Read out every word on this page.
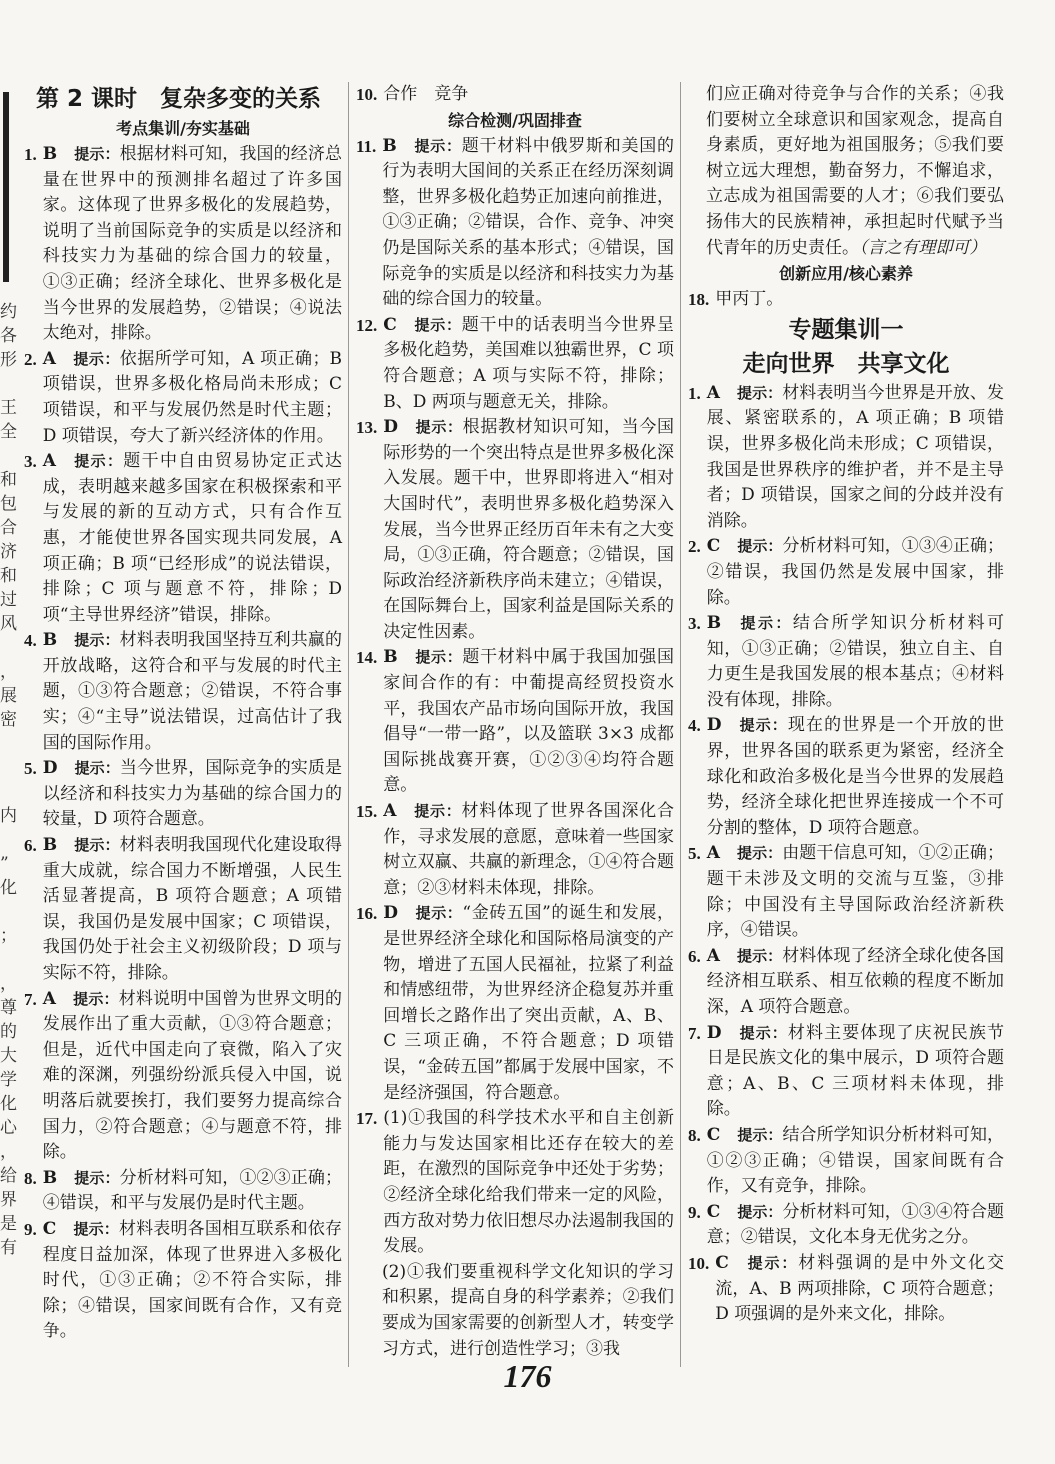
约
各
形

王
全

和
包
合
济
和
过
风

，
展
密

内

”
化

；

，
尊
的
大
学
化
心
，
给
界
是
有
第 2 课时　复杂多变的关系
考点集训/夯实基础
1. B  提示：根据材料可知，我国的经济总量在世界中的预测排名超过了许多国家。这体现了世界多极化的发展趋势，说明了当前国际竞争的实质是以经济和科技实力为基础的综合国力的较量，①③正确；经济全球化、世界多极化是当今世界的发展趋势，②错误；④说法太绝对，排除。
2. A  提示：依据所学可知，A 项正确；B 项错误，世界多极化格局尚未形成；C 项错误，和平与发展仍然是时代主题；D 项错误，夸大了新兴经济体的作用。
3. A  提示：题干中自由贸易协定正式达成，表明越来越多国家在积极探索和平与发展的新的互动方式，只有合作互惠，才能使世界各国实现共同发展，A 项正确；B 项“已经形成”的说法错误，排除；C 项与题意不符，排除；D 项“主导世界经济”错误，排除。
4. B  提示：材料表明我国坚持互利共赢的开放战略，这符合和平与发展的时代主题，①③符合题意；②错误，不符合事实；④“主导”说法错误，过高估计了我国的国际作用。
5. D  提示：当今世界，国际竞争的实质是以经济和科技实力为基础的综合国力的较量，D 项符合题意。
6. B  提示：材料表明我国现代化建设取得重大成就，综合国力不断增强，人民生活显著提高，B 项符合题意；A 项错误，我国仍是发展中国家；C 项错误，我国仍处于社会主义初级阶段；D 项与实际不符，排除。
7. A  提示：材料说明中国曾为世界文明的发展作出了重大贡献，①③符合题意；但是，近代中国走向了衰微，陷入了灾难的深渊，列强纷纷派兵侵入中国，说明落后就要挨打，我们要努力提高综合国力，②符合题意；④与题意不符，排除。
8. B  提示：分析材料可知，①②③正确；④错误，和平与发展仍是时代主题。
9. C  提示：材料表明各国相互联系和依存程度日益加深，体现了世界进入多极化时代，①③正确；②不符合实际，排除；④错误，国家间既有合作，又有竞争。
10. 合作　竞争
综合检测/巩固排查
11. B  提示：题干材料中俄罗斯和美国的行为表明大国间的关系正在经历深刻调整，世界多极化趋势正加速向前推进，①③正确；②错误，合作、竞争、冲突仍是国际关系的基本形式；④错误，国际竞争的实质是以经济和科技实力为基础的综合国力的较量。
12. C  提示：题干中的话表明当今世界呈多极化趋势，美国难以独霸世界，C 项符合题意；A 项与实际不符，排除；B、D 两项与题意无关，排除。
13. D  提示：根据教材知识可知，当今国际形势的一个突出特点是世界多极化深入发展。题干中，世界即将进入“相对大国时代”，表明世界多极化趋势深入发展，当今世界正经历百年未有之大变局，①③正确，符合题意；②错误，国际政治经济新秩序尚未建立；④错误，在国际舞台上，国家利益是国际关系的决定性因素。
14. B  提示：题干材料中属于我国加强国家间合作的有：中葡提高经贸投资水平，我国农产品市场向国际开放，我国倡导“一带一路”，以及篮联 3×3 成都国际挑战赛开赛，①②③④均符合题意。
15. A  提示：材料体现了世界各国深化合作，寻求发展的意愿，意味着一些国家树立双赢、共赢的新理念，①④符合题意；②③材料未体现，排除。
16. D  提示：“金砖五国”的诞生和发展，是世界经济全球化和国际格局演变的产物，增进了五国人民福祉，拉紧了利益和情感纽带，为世界经济企稳复苏并重回增长之路作出了突出贡献，A、B、C 三项正确，不符合题意；D 项错误，“金砖五国”都属于发展中国家，不是经济强国，符合题意。
17. (1)①我国的科学技术水平和自主创新能力与发达国家相比还存在较大的差距，在激烈的国际竞争中还处于劣势；②经济全球化给我们带来一定的风险，西方敌对势力依旧想尽办法遏制我国的发展。
(2)①我们要重视科学文化知识的学习和积累，提高自身的科学素养；②我们要成为国家需要的创新型人才，转变学习方式，进行创造性学习；③我
们应正确对待竞争与合作的关系；④我们要树立全球意识和国家观念，提高自身素质，更好地为祖国服务；⑤我们要树立远大理想，勤奋努力，不懈追求，立志成为祖国需要的人才；⑥我们要弘扬伟大的民族精神，承担起时代赋予当代青年的历史责任。（言之有理即可）
创新应用/核心素养
18. 甲丙丁。
专题集训一
走向世界　共享文化
1. A  提示：材料表明当今世界是开放、发展、紧密联系的，A 项正确；B 项错误，世界多极化尚未形成；C 项错误，我国是世界秩序的维护者，并不是主导者；D 项错误，国家之间的分歧并没有消除。
2. C  提示：分析材料可知，①③④正确；②错误，我国仍然是发展中国家，排除。
3. B  提示：结合所学知识分析材料可知，①③正确；②错误，独立自主、自力更生是我国发展的根本基点；④材料没有体现，排除。
4. D  提示：现在的世界是一个开放的世界，世界各国的联系更为紧密，经济全球化和政治多极化是当今世界的发展趋势，经济全球化把世界连接成一个不可分割的整体，D 项符合题意。
5. A  提示：由题干信息可知，①②正确；题干未涉及文明的交流与互鉴，③排除；中国没有主导国际政治经济新秩序，④错误。
6. A  提示：材料体现了经济全球化使各国经济相互联系、相互依赖的程度不断加深，A 项符合题意。
7. D  提示：材料主要体现了庆祝民族节日是民族文化的集中展示，D 项符合题意；A、B、C 三项材料未体现，排除。
8. C  提示：结合所学知识分析材料可知，①②③正确；④错误，国家间既有合作，又有竞争，排除。
9. C  提示：分析材料可知，①③④符合题意；②错误，文化本身无优劣之分。
10. C  提示：材料强调的是中外文化交流，A、B 两项排除，C 项符合题意；D 项强调的是外来文化，排除。
176
